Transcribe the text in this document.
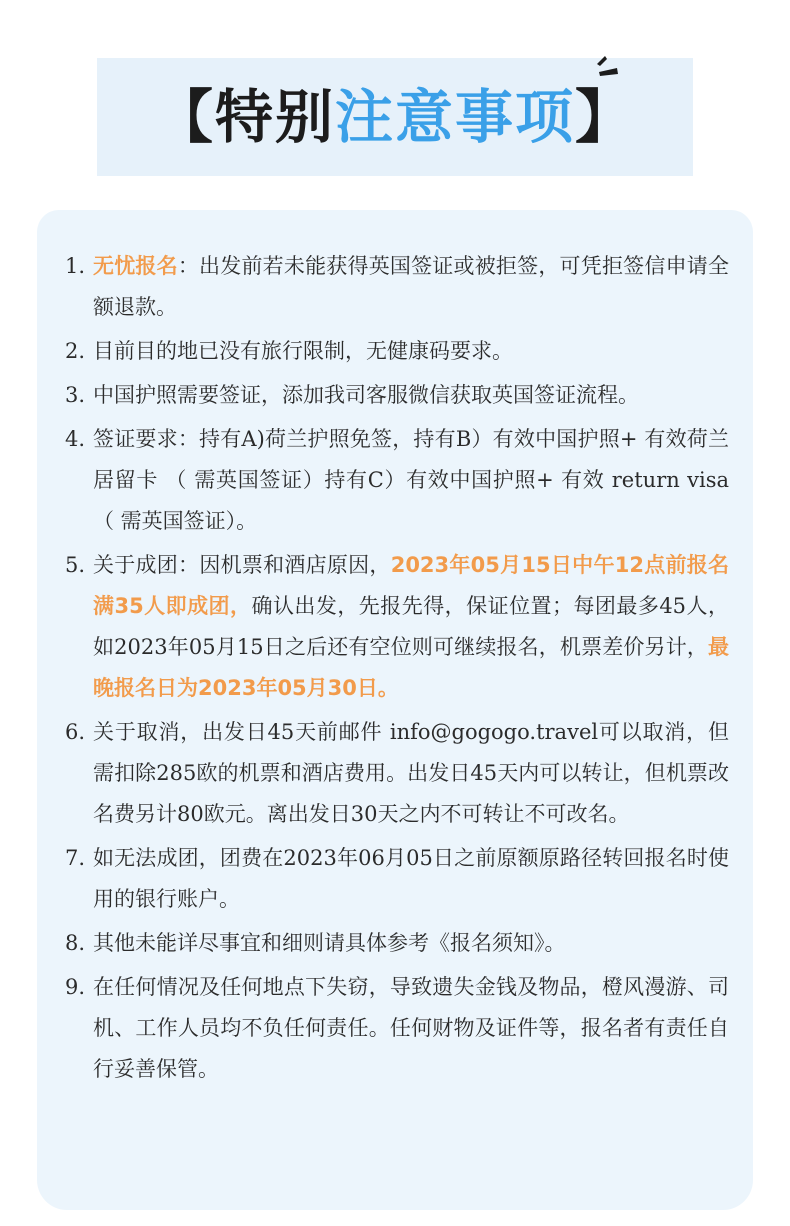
【特别注意事项】
1. 无忧报名：出发前若未能获得英国签证或被拒签，可凭拒签信申请全额退款。
2. 目前目的地已没有旅行限制，无健康码要求。
3. 中国护照需要签证，添加我司客服微信获取英国签证流程。
4. 签证要求：持有A)荷兰护照免签，持有B）有效中国护照+ 有效荷兰居留卡 （ 需英国签证）持有C）有效中国护照+ 有效 return visa （ 需英国签证）。
5. 关于成团：因机票和酒店原因，2023年05月15日中午12点前报名满35人即成团，确认出发，先报先得，保证位置；每团最多45人，如2023年05月15日之后还有空位则可继续报名，机票差价另计，最晚报名日为2023年05月30日。
6. 关于取消，出发日45天前邮件 info@gogogo.travel可以取消，但需扣除285欧的机票和酒店费用。出发日45天内可以转让，但机票改名费另计80欧元。离出发日30天之内不可转让不可改名。
7. 如无法成团，团费在2023年06月05日之前原额原路径转回报名时使用的银行账户。
8. 其他未能详尽事宜和细则请具体参考《报名须知》。
9. 在任何情况及任何地点下失窃，导致遗失金钱及物品，橙风漫游、司机、工作人员均不负任何责任。任何财物及证件等，报名者有责任自行妥善保管。
